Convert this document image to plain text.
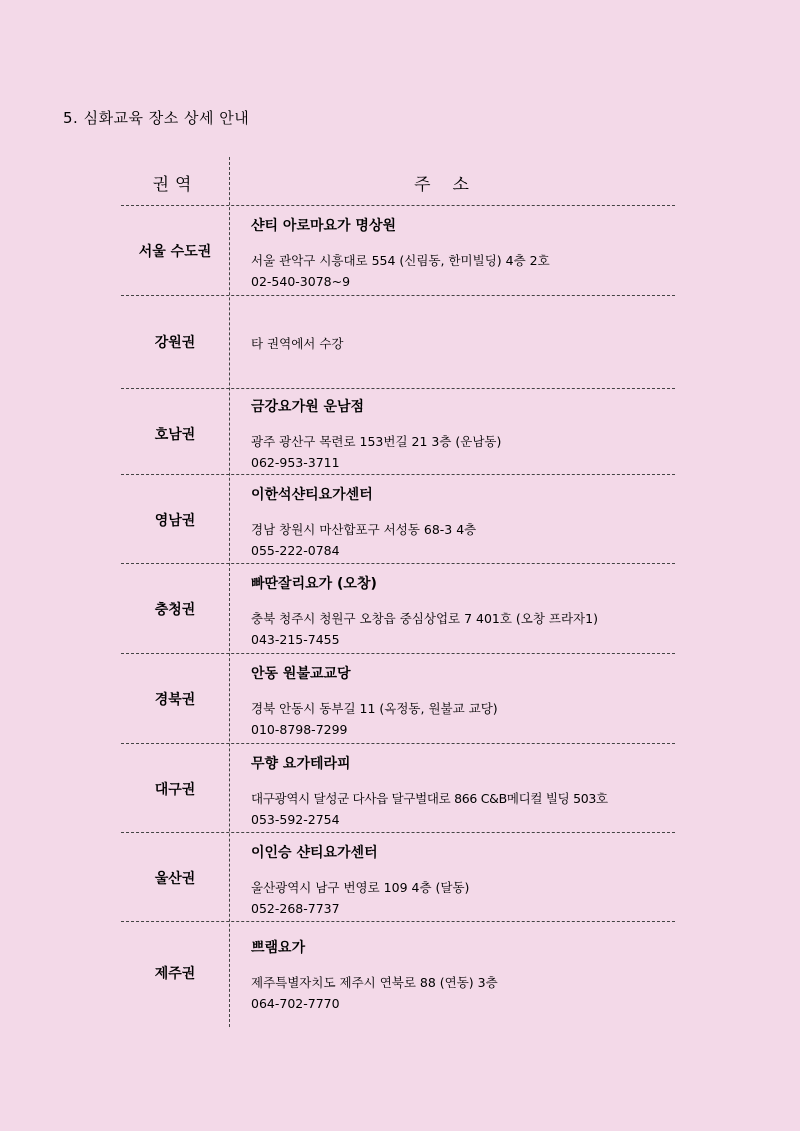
5. 심화교육 장소 상세 안내
권역	주소
서울 수도권
샨티 아로마요가 명상원
서울 관악구 시흥대로 554 (신림동, 한미빌딩) 4층 2호
02-540-3078~9
강원권	타 권역에서 수강
호남권
금강요가원 운남점
광주 광산구 목련로 153번길 21 3층 (운남동)
062-953-3711
영남권
이한석샨티요가센터
경남 창원시 마산합포구 서성동 68-3 4층
055-222-0784
충청권
빠딴잘리요가 (오창)
충북 청주시 청원구 오창읍 중심상업로 7 401호 (오창 프라자1)
043-215-7455
경북권
안동 원불교교당
경북 안동시 동부길 11 (옥정동, 원불교 교당)
010-8798-7299
대구권
무향 요가테라피
대구광역시 달성군 다사읍 달구벌대로 866 C&B메디컬 빌딩 503호
053-592-2754
울산권
이인승 샨티요가센터
울산광역시 남구 번영로 109 4층 (달동)
052-268-7737
제주권
쁘램요가
제주특별자치도 제주시 연북로 88 (연동) 3층
064-702-7770
